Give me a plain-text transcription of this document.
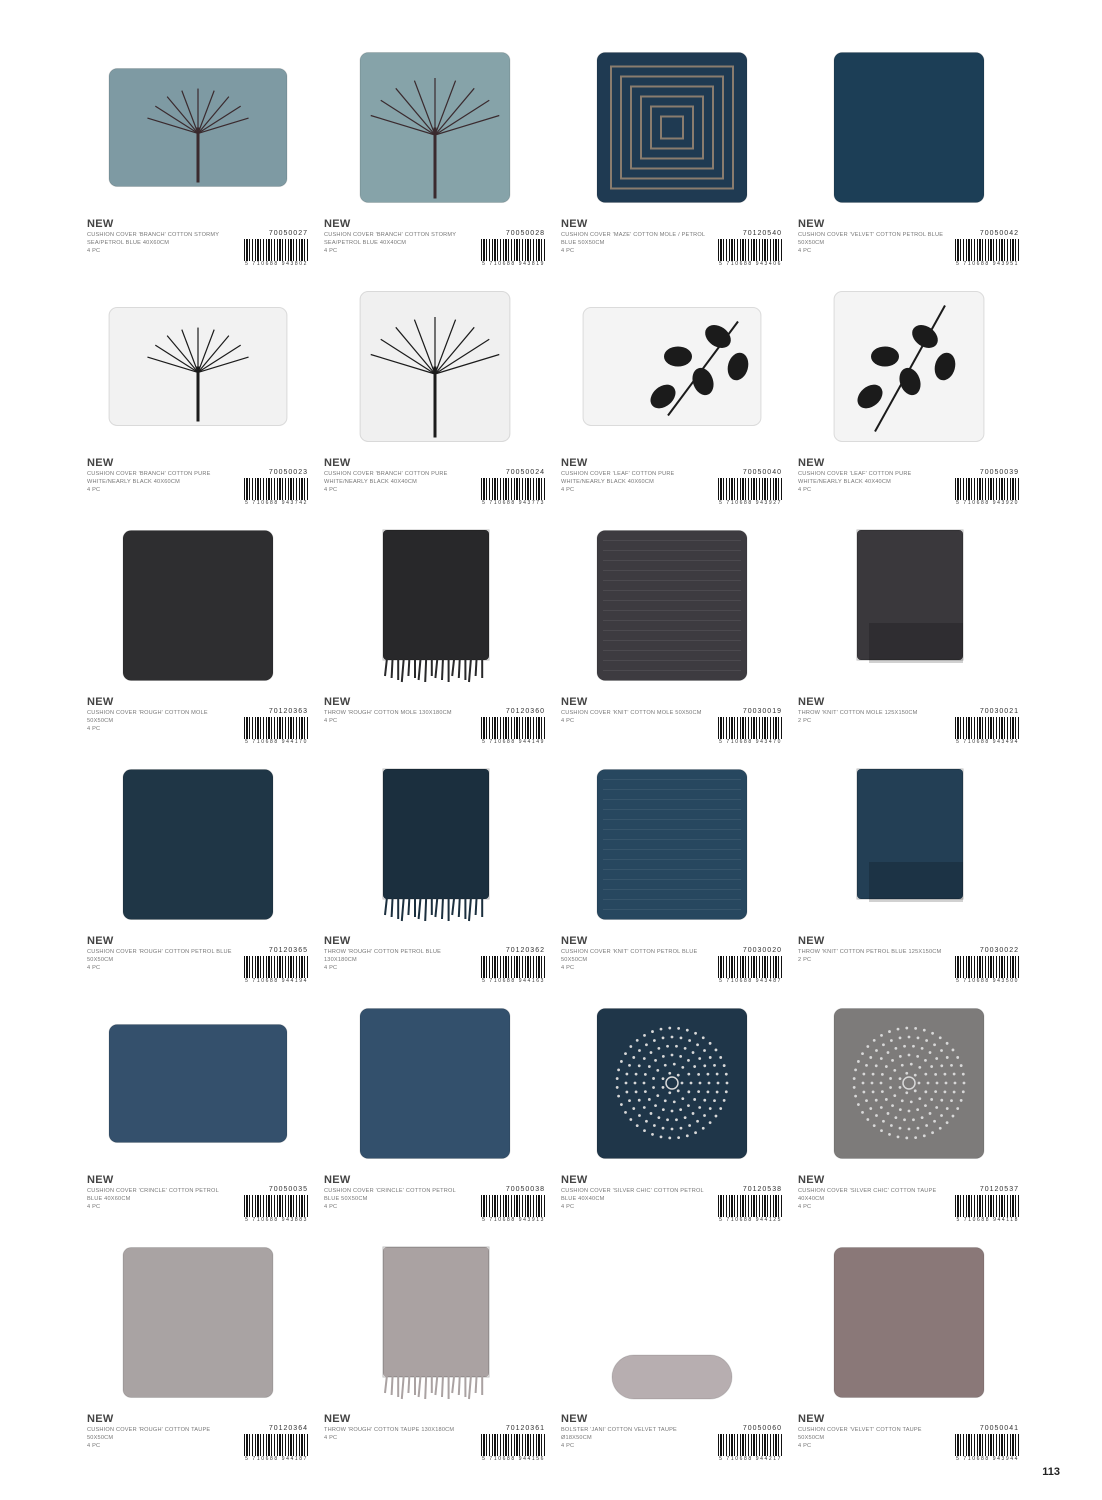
NEW
CUSHION COVER 'BRANCH' COTTON STORMY SEA/PETROL BLUE 40X60CM
4 PC
70050027
5 710688 943802
NEW
CUSHION COVER 'BRANCH' COTTON STORMY SEA/PETROL BLUE 40X40CM
4 PC
70050028
5 710688 943819
NEW
CUSHION COVER 'MAZE' COTTON MOLE / PETROL BLUE 50X50CM
4 PC
70120540
5 710688 943406
NEW
CUSHION COVER 'VELVET' COTTON PETROL BLUE 50X50CM
4 PC
70050042
5 710688 943951
NEW
CUSHION COVER 'BRANCH' COTTON PURE WHITE/NEARLY BLACK 40X60CM
4 PC
70050023
5 710688 943742
NEW
CUSHION COVER 'BRANCH' COTTON PURE WHITE/NEARLY BLACK 40X40CM
4 PC
70050024
5 710688 943773
NEW
CUSHION COVER 'LEAF' COTTON PURE WHITE/NEARLY BLACK 40X60CM
4 PC
70050040
5 710688 943927
NEW
CUSHION COVER 'LEAF' COTTON PURE WHITE/NEARLY BLACK 40X40CM
4 PC
70050039
5 710688 943920
NEW
CUSHION COVER 'ROUGH' COTTON MOLE 50X50CM
4 PC
70120363
5 710688 944170
NEW
THROW 'ROUGH' COTTON MOLE 130X180CM
4 PC
70120360
5 710688 944149
NEW
CUSHION COVER 'KNIT' COTTON MOLE 50X50CM
4 PC
70030019
5 710688 943470
NEW
THROW 'KNIT' COTTON MOLE 125X150CM
2 PC
70030021
5 710688 943494
NEW
CUSHION COVER 'ROUGH' COTTON PETROL BLUE 50X50CM
4 PC
70120365
5 710688 944194
NEW
THROW 'ROUGH' COTTON PETROL BLUE 130X180CM
4 PC
70120362
5 710688 944163
NEW
CUSHION COVER 'KNIT' COTTON PETROL BLUE 50X50CM
4 PC
70030020
5 710688 943487
NEW
THROW 'KNIT' COTTON PETROL BLUE 125X150CM
2 PC
70030022
5 710688 943500
NEW
CUSHION COVER 'CRINCLE' COTTON PETROL BLUE 40X60CM
4 PC
70050035
5 710688 943883
NEW
CUSHION COVER 'CRINCLE' COTTON PETROL BLUE 50X50CM
4 PC
70050038
5 710688 943913
NEW
CUSHION COVER 'SILVER CHIC' COTTON PETROL BLUE 40X40CM
4 PC
70120538
5 710688 944125
NEW
CUSHION COVER 'SILVER CHIC' COTTON TAUPE 40X40CM
4 PC
70120537
5 710688 944118
NEW
CUSHION COVER 'ROUGH' COTTON TAUPE 50X50CM
4 PC
70120364
5 710688 944187
NEW
THROW 'ROUGH' COTTON TAUPE 130X180CM
4 PC
70120361
5 710688 944156
NEW
BOLSTER 'JANI' COTTON VELVET TAUPE Ø18X50CM
4 PC
70050060
5 710688 944217
NEW
CUSHION COVER 'VELVET' COTTON TAUPE 50X50CM
4 PC
70050041
5 710688 943944
113
